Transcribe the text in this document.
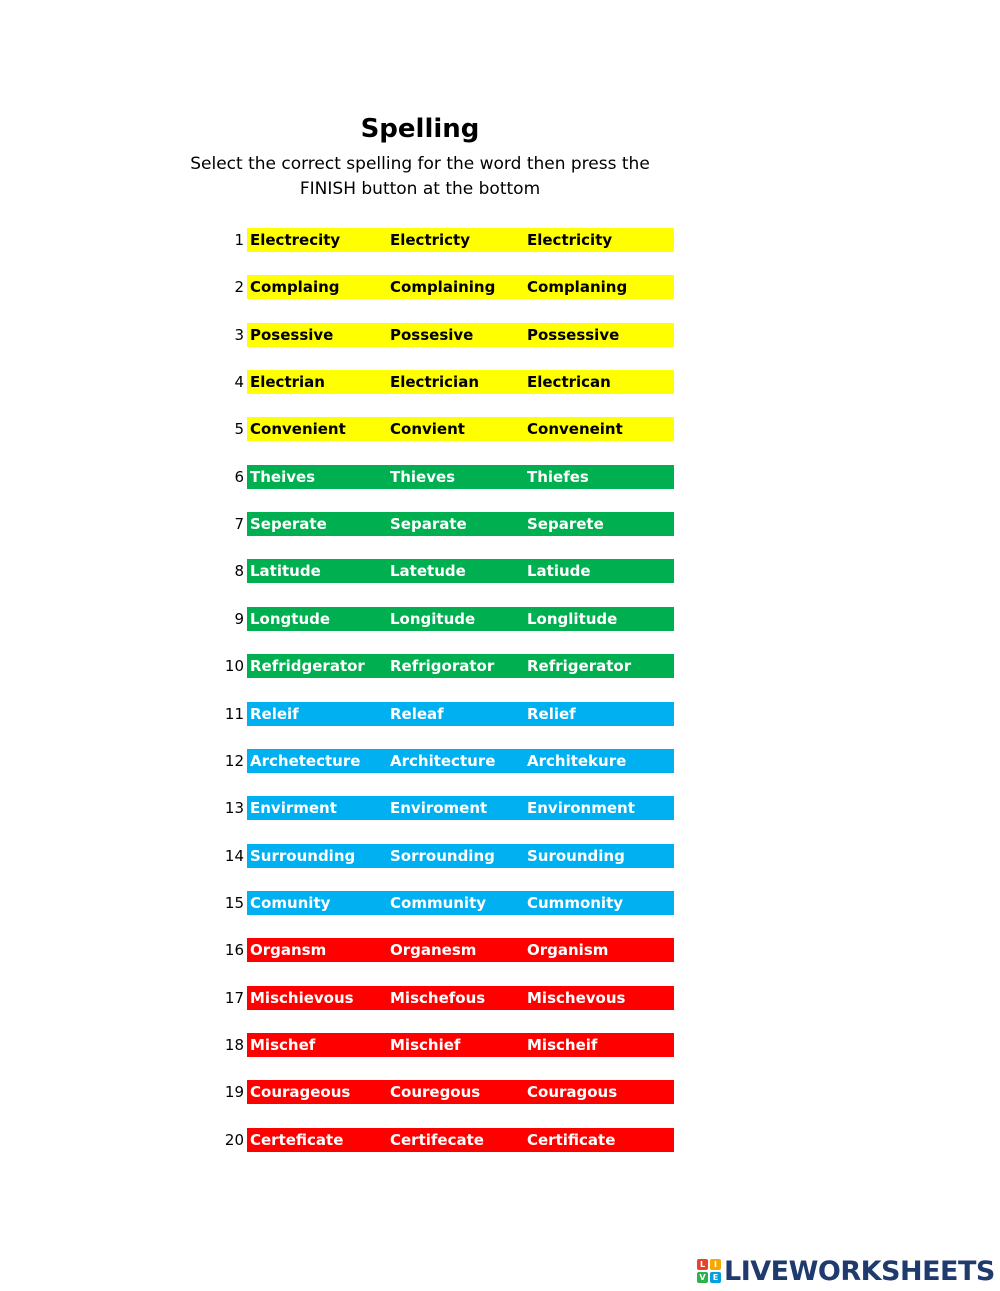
Spelling
Select the correct spelling for the word then press the FINISH button at the bottom
1 Electrecity	Electricty	Electricity
2 Complaing	Complaining Complaning
3 Posessive	Possesive	Possessive
4 Electrian	Electrician	Electrican
5 Convenient	Convient	Conveneint
6 Theives	Thieves	Thiefes
7 Seperate	Separate	Separete
8 Latitude	Latetude	Latiude
9 Longtude	Longitude	Longlitude
10 Refridgerator Refrigorator Refrigerator
11 Releif	Releaf	Relief
12 Archetecture Architecture Architekure
13 Envirment	Enviroment	Environment
14 Surrounding Sorrounding Surounding
15 Comunity	Community	Cummonity
16 Organsm	Organesm	Organism
17 Mischievous Mischefous	Mischevous
18 Mischef	Mischief	Mischeif
19 Courageous	Couregous	Couragous
20 Certeficate	Certifecate	Certificate
L	I
V E LIVEWORKSHEETS
